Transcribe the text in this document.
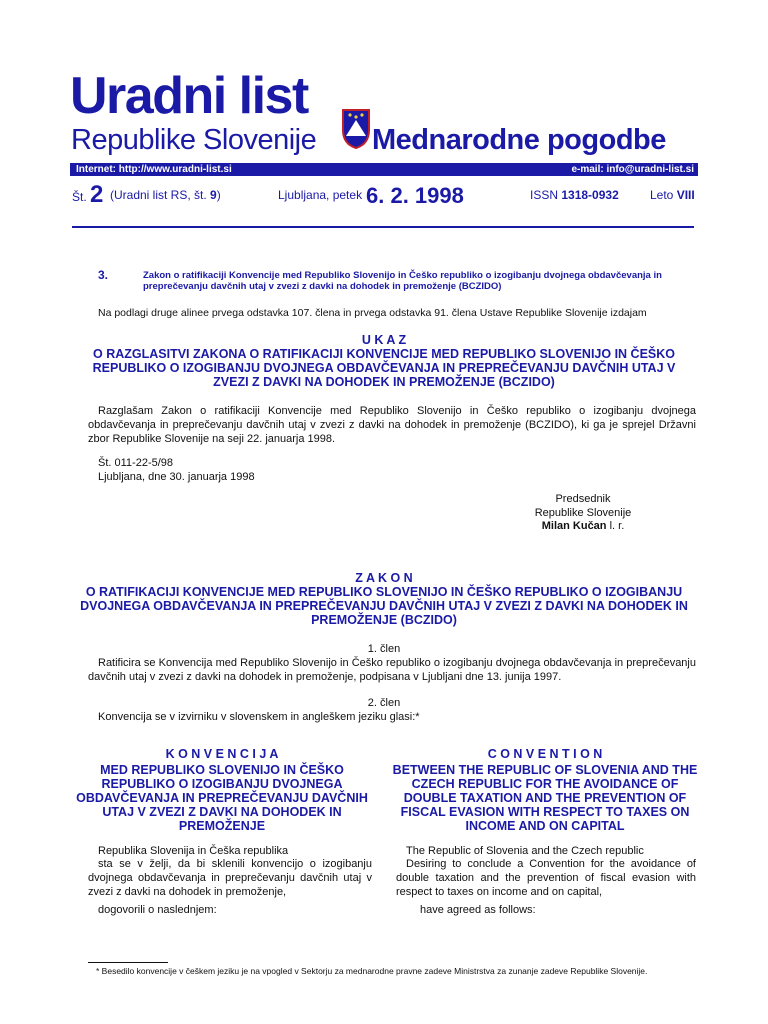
Uradni list
Republike Slovenije Mednarodne pogodbe
Internet: http://www.uradni-list.si	e-mail: info@uradni-list.si
Št. 2 (Uradni list RS, št. 9)	Ljubljana, petek 6. 2. 1998	ISSN 1318-0932	Leto VIII
3.	Zakon o ratifikaciji Konvencije med Republiko Slovenijo in Češko republiko o izogibanju dvojnega obdavčevanja in preprečevanju davčnih utaj v zvezi z davki na dohodek in premoženje (BCZIDO)
Na podlagi druge alinee prvega odstavka 107. člena in prvega odstavka 91. člena Ustave Republike Slovenije izdajam
U K A Z
O RAZGLASITVI ZAKONA O RATIFIKACIJI KONVENCIJE MED REPUBLIKO SLOVENIJO IN ČEŠKO REPUBLIKO O IZOGIBANJU DVOJNEGA OBDAVČEVANJA IN PREPREČEVANJU DAVČNIH UTAJ V ZVEZI Z DAVKI NA DOHODEK IN PREMOŽENJE (BCZIDO)
Razglašam Zakon o ratifikaciji Konvencije med Republiko Slovenijo in Češko republiko o izogibanju dvojnega obdavčevanja in preprečevanju davčnih utaj v zvezi z davki na dohodek in premoženje (BCZIDO), ki ga je sprejel Državni zbor Republike Slovenije na seji 22. januarja 1998.
Št. 011-22-5/98
Ljubljana, dne 30. januarja 1998
Predsednik
Republike Slovenije
Milan Kučan l. r.
Z A K O N
O RATIFIKACIJI KONVENCIJE MED REPUBLIKO SLOVENIJO IN ČEŠKO REPUBLIKO O IZOGIBANJU DVOJNEGA OBDAVČEVANJA IN PREPREČEVANJU DAVČNIH UTAJ V ZVEZI Z DAVKI NA DOHODEK IN PREMOŽENJE (BCZIDO)
1. člen
Ratificira se Konvencija med Republiko Slovenijo in Češko republiko o izogibanju dvojnega obdavčevanja in preprečevanju davčnih utaj v zvezi z davki na dohodek in premoženje, podpisana v Ljubljani dne 13. junija 1997.
2. člen
Konvencija se v izvirniku v slovenskem in angleškem jeziku glasi:*
K O N V E N C I J A
MED REPUBLIKO SLOVENIJO IN ČEŠKO REPUBLIKO O IZOGIBANJU DVOJNEGA OBDAVČEVANJA IN PREPREČEVANJU DAVČNIH UTAJ V ZVEZI Z DAVKI NA DOHODEK IN PREMOŽENJE
C O N V E N T I O N
BETWEEN THE REPUBLIC OF SLOVENIA AND THE CZECH REPUBLIC FOR THE AVOIDANCE OF DOUBLE TAXATION AND THE PREVENTION OF FISCAL EVASION WITH RESPECT TO TAXES ON INCOME AND ON CAPITAL
Republika Slovenija in Češka republika
sta se v želji, da bi sklenili konvencijo o izogibanju dvojnega obdavčevanja in preprečevanju davčnih utaj v zvezi z davki na dohodek in premoženje,
dogovorili o naslednjem:
The Republic of Slovenia and the Czech republic
Desiring to conclude a Convention for the avoidance of double taxation and the prevention of fiscal evasion with respect to taxes on income and on capital,
have agreed as follows:
* Besedilo konvencije v češkem jeziku je na vpogled v Sektorju za mednarodne pravne zadeve Ministrstva za zunanje zadeve Republike Slovenije.
